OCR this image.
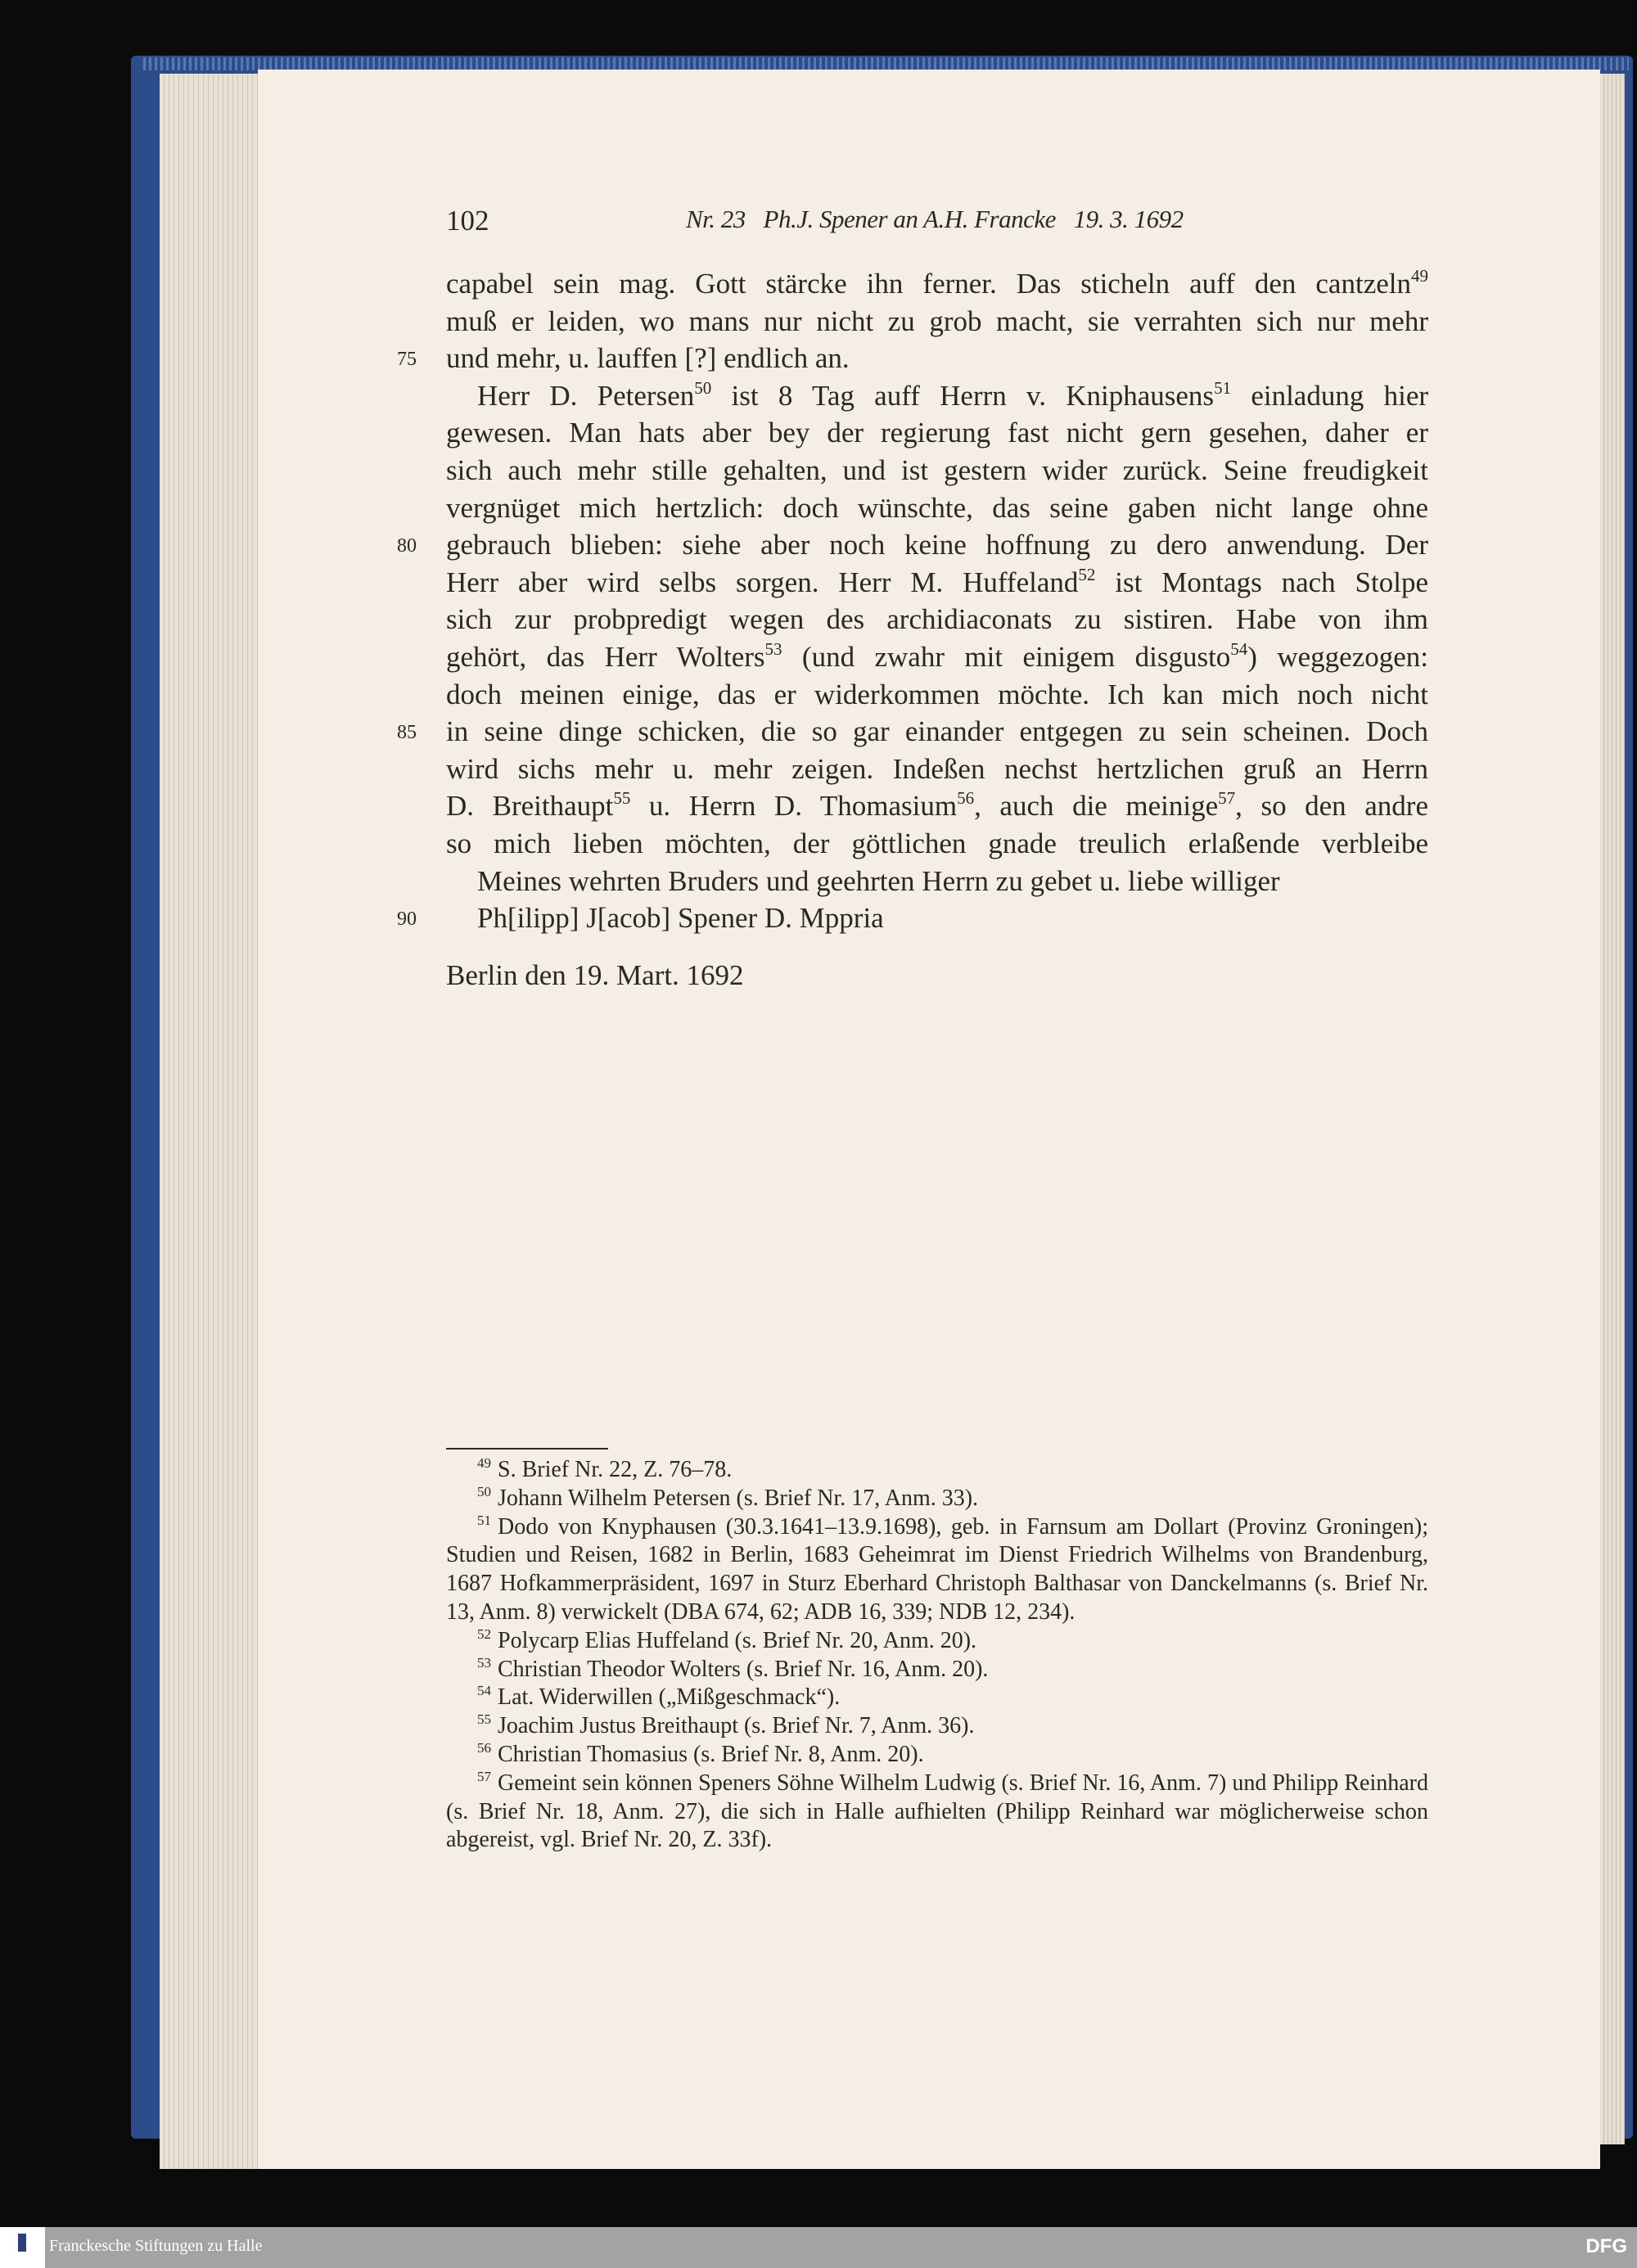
102	Nr. 23   Ph.J. Spener an A.H. Francke   19. 3. 1692
capabel sein mag. Gott stärcke ihn ferner. Das sticheln auff den cantzeln$^{49}$
muß er leiden, wo mans nur nicht zu grob macht, sie verrahten sich nur mehr
75 und mehr, u. lauffen [?] endlich an.
Herr D. Petersen$^{50}$ ist 8 Tag auff Herrn v. Kniphausens$^{51}$ einladung hier
gewesen. Man hats aber bey der regierung fast nicht gern gesehen, daher er
sich auch mehr stille gehalten, und ist gestern wider zurück. Seine freudigkeit
vergnüget mich hertzlich: doch wünschte, das seine gaben nicht lange ohne
80 gebrauch blieben: siehe aber noch keine hoffnung zu dero anwendung. Der
Herr aber wird selbs sorgen. Herr M. Huffeland$^{52}$ ist Montags nach Stolpe
sich zur probpredigt wegen des archidiaconats zu sistiren. Habe von ihm
gehört, das Herr Wolters$^{53}$ (und zwahr mit einigem disgusto$^{54}$) weggezogen:
doch meinen einige, das er widerkommen möchte. Ich kan mich noch nicht
85 in seine dinge schicken, die so gar einander entgegen zu sein scheinen. Doch
wird sichs mehr u. mehr zeigen. Indeßen nechst hertzlichen gruß an Herrn
D. Breithaupt$^{55}$ u. Herrn D. Thomasium$^{56}$, auch die meinige$^{57}$, so den andre
so mich lieben möchten, der göttlichen gnade treulich erlaßende verbleibe
Meines wehrten Bruders und geehrten Herrn zu gebet u. liebe williger
90 Ph[ilipp] J[acob] Spener D. Mppria
Berlin den 19. Mart. 1692
$^{49}$ S. Brief Nr. 22, Z. 76–78.
$^{50}$ Johann Wilhelm Petersen (s. Brief Nr. 17, Anm. 33).
$^{51}$ Dodo von Knyphausen (30.3.1641–13.9.1698), geb. in Farnsum am Dollart (Provinz Groningen); Studien und Reisen, 1682 in Berlin, 1683 Geheimrat im Dienst Friedrich Wilhelms von Brandenburg, 1687 Hofkammerpräsident, 1697 in Sturz Eberhard Christoph Balthasar von Danckelmanns (s. Brief Nr. 13, Anm. 8) verwickelt (DBA 674, 62; ADB 16, 339; NDB 12, 234).
$^{52}$ Polycarp Elias Huffeland (s. Brief Nr. 20, Anm. 20).
$^{53}$ Christian Theodor Wolters (s. Brief Nr. 16, Anm. 20).
$^{54}$ Lat. Widerwillen („Mißgeschmack“).
$^{55}$ Joachim Justus Breithaupt (s. Brief Nr. 7, Anm. 36).
$^{56}$ Christian Thomasius (s. Brief Nr. 8, Anm. 20).
$^{57}$ Gemeint sein können Speners Söhne Wilhelm Ludwig (s. Brief Nr. 16, Anm. 7) und Philipp Reinhard (s. Brief Nr. 18, Anm. 27), die sich in Halle aufhielten (Philipp Reinhard war möglicherweise schon abgereist, vgl. Brief Nr. 20, Z. 33f).
Franckesche Stiftungen zu Halle	DFG
